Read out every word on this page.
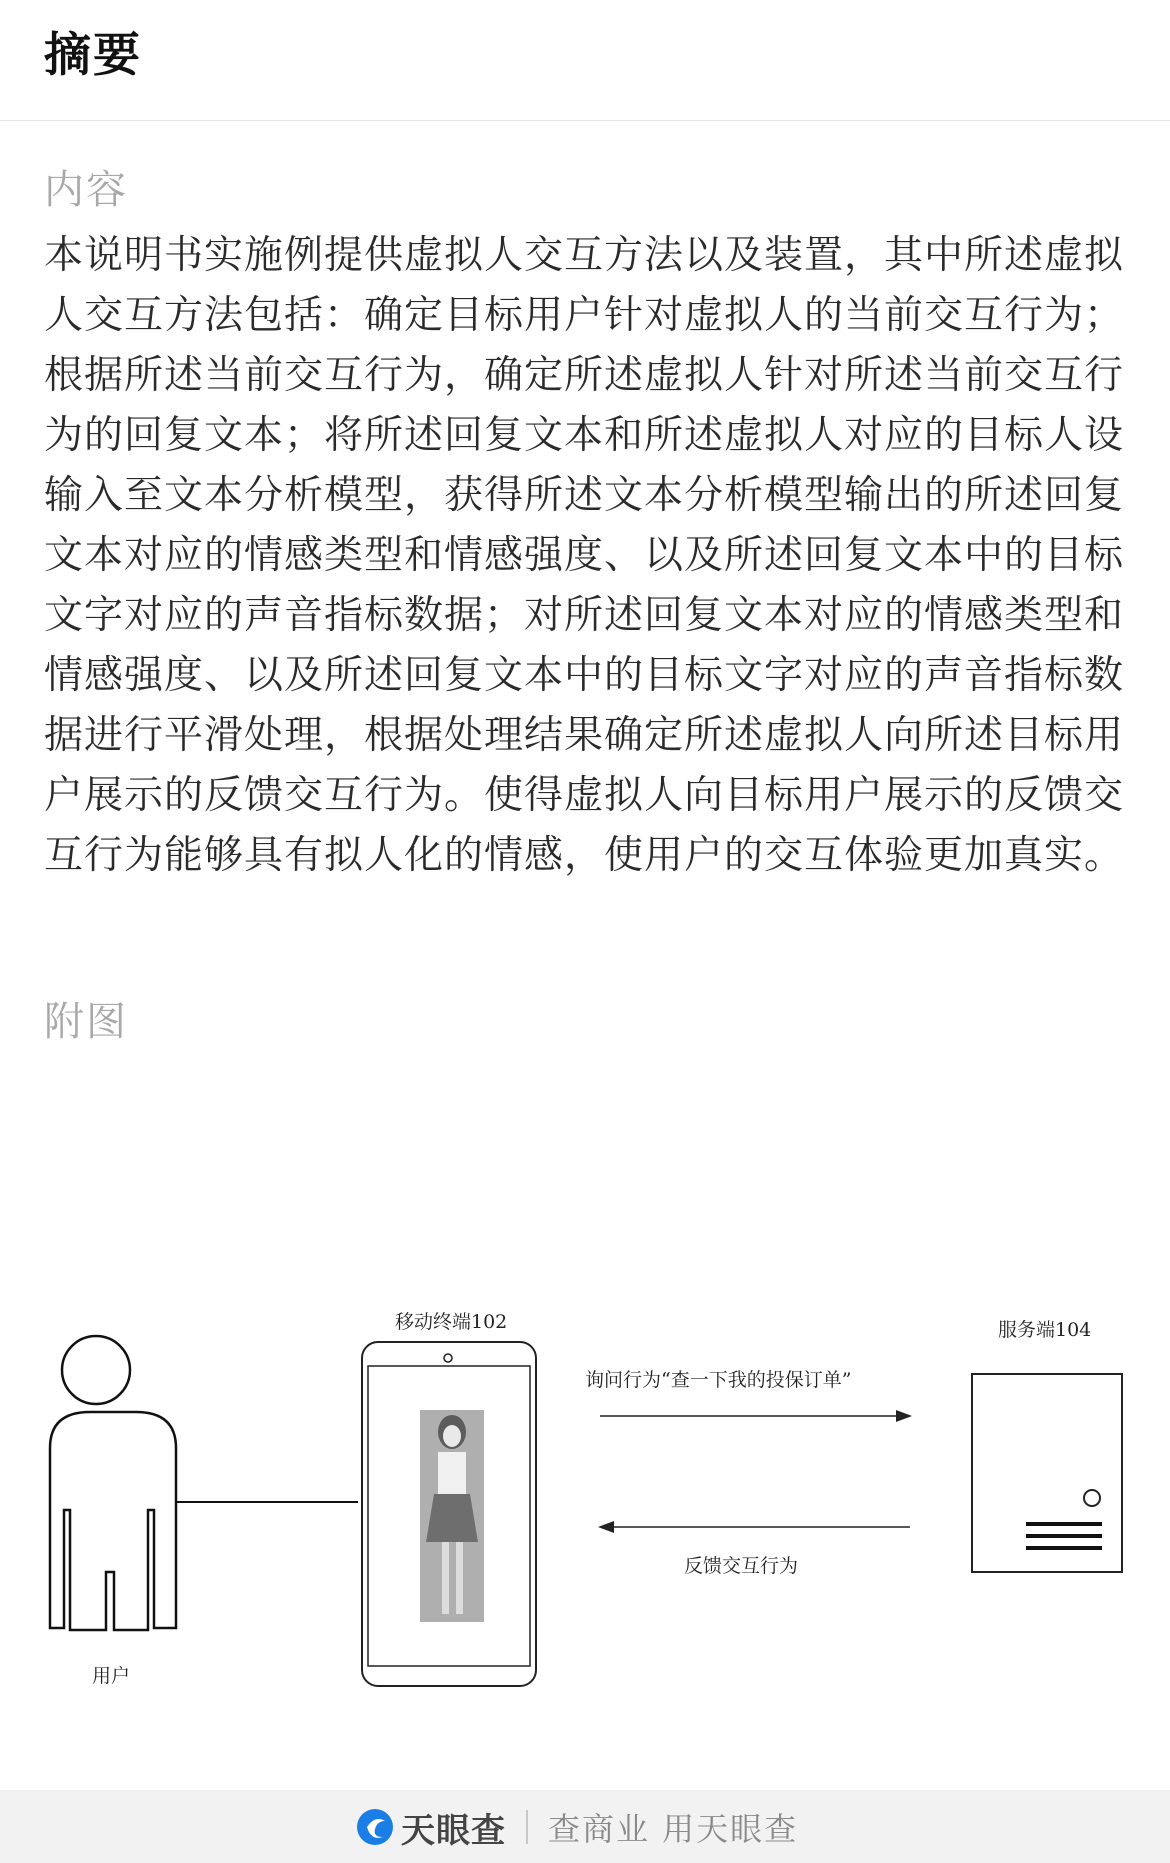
摘要
内容

本说明书实施例提供虚拟人交互方法以及装置，其中所述虚拟人交互方法包括：确定目标用户针对虚拟人的当前交互行为；根据所述当前交互行为，确定所述虚拟人针对所述当前交互行为的回复文本；将所述回复文本和所述虚拟人对应的目标人设输入至文本分析模型，获得所述文本分析模型输出的所述回复文本对应的情感类型和情感强度、以及所述回复文本中的目标文字对应的声音指标数据；对所述回复文本对应的情感类型和情感强度、以及所述回复文本中的目标文字对应的声音指标数据进行平滑处理，根据处理结果确定所述虚拟人向所述目标用户展示的反馈交互行为。使得虚拟人向目标用户展示的反馈交互行为能够具有拟人化的情感，使用户的交互体验更加真实。

附图
用户
移动终端102
询问行为“查一下我的投保订单”
反馈交互行为
服务端104
天眼查 查商业 用天眼查
